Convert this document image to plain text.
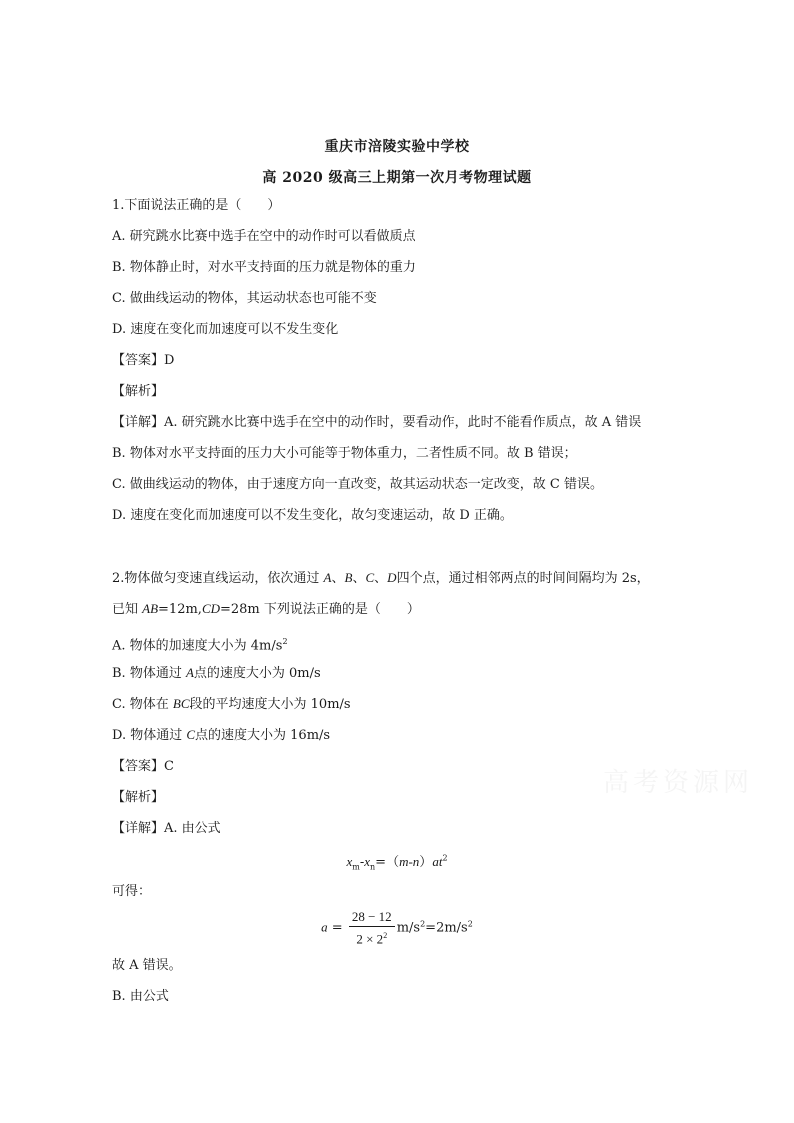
重庆市涪陵实验中学校
高 2020 级高三上期第一次月考物理试题
1.下面说法正确的是（　　）
A. 研究跳水比赛中选手在空中的动作时可以看做质点
B. 物体静止时，对水平支持面的压力就是物体的重力
C. 做曲线运动的物体，其运动状态也可能不变
D. 速度在变化而加速度可以不发生变化
【答案】D
【解析】
【详解】A. 研究跳水比赛中选手在空中的动作时，要看动作，此时不能看作质点，故 A 错误
B. 物体对水平支持面的压力大小可能等于物体重力，二者性质不同。故 B 错误；
C. 做曲线运动的物体，由于速度方向一直改变，故其运动状态一定改变，故 C 错误。
D. 速度在变化而加速度可以不发生变化，故匀变速运动，故 D 正确。
2.物体做匀变速直线运动，依次通过 A、B、C、D四个点，通过相邻两点的时间间隔均为 2s，
已知 AB=12m,CD=28m 下列说法正确的是（　　）
A. 物体的加速度大小为 $4m/s^2$
B. 物体通过 A点的速度大小为 0m/s
C. 物体在 BC段的平均速度大小为 10m/s
D. 物体通过 C点的速度大小为 16m/s
【答案】C
【解析】
【详解】A. 由公式
$x_m-x_n=(m-n)at^2$
可得：
$a = \frac{28 - 12}{2 \times 2^2} m/s^2=2m/s^2$
故 A 错误。
B. 由公式
高考资源网
